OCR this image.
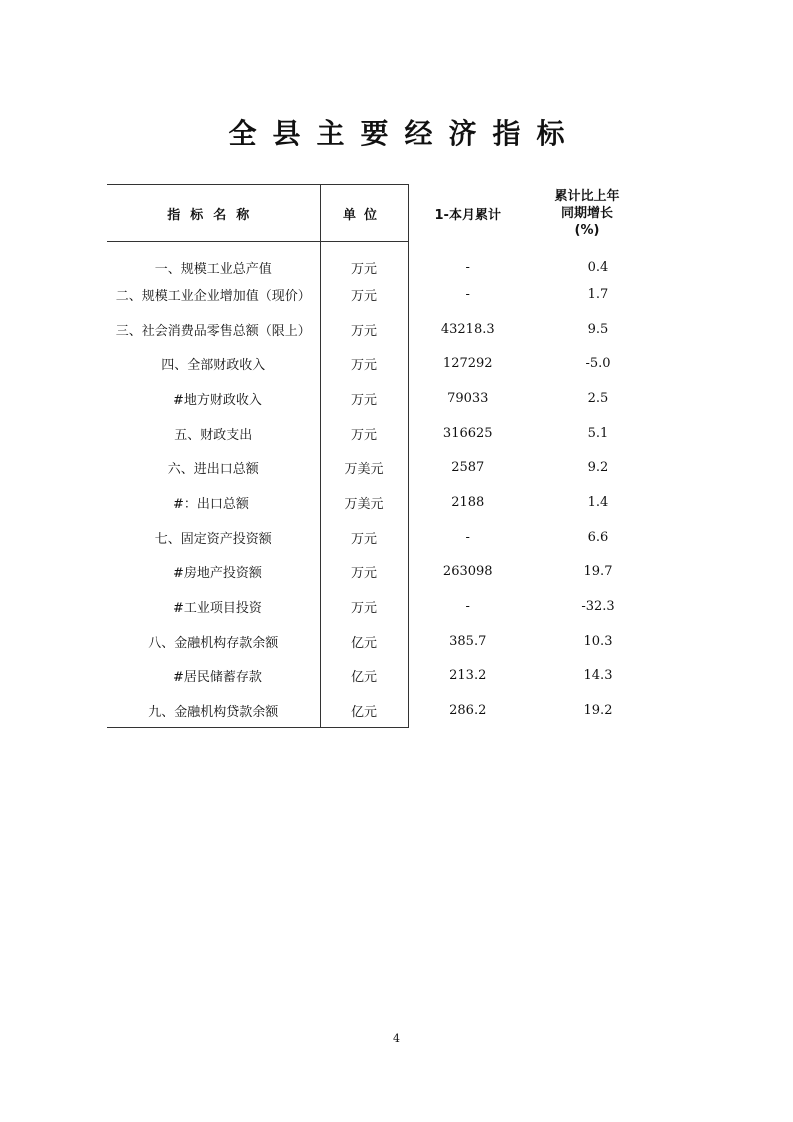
全县主要经济指标
指标名称	单位	1-本月累计	累计比上年
同期增长
(%)

一、规模工业总产值	万元	-	0.4
二、规模工业企业增加值（现价）	万元	-	1.7
三、社会消费品零售总额（限上）	万元	43218.3	9.5
四、全部财政收入	万元	127292	-5.0
#地方财政收入	万元	79033	2.5
五、财政支出	万元	316625	5.1
六、进出口总额	万美元	2587	9.2
#：出口总额	万美元	2188	1.4
七、固定资产投资额	万元	-	6.6
#房地产投资额	万元	263098	19.7
#工业项目投资	万元	-	-32.3
八、金融机构存款余额	亿元	385.7	10.3
#居民储蓄存款	亿元	213.2	14.3
九、金融机构贷款余额	亿元	286.2	19.2
4
